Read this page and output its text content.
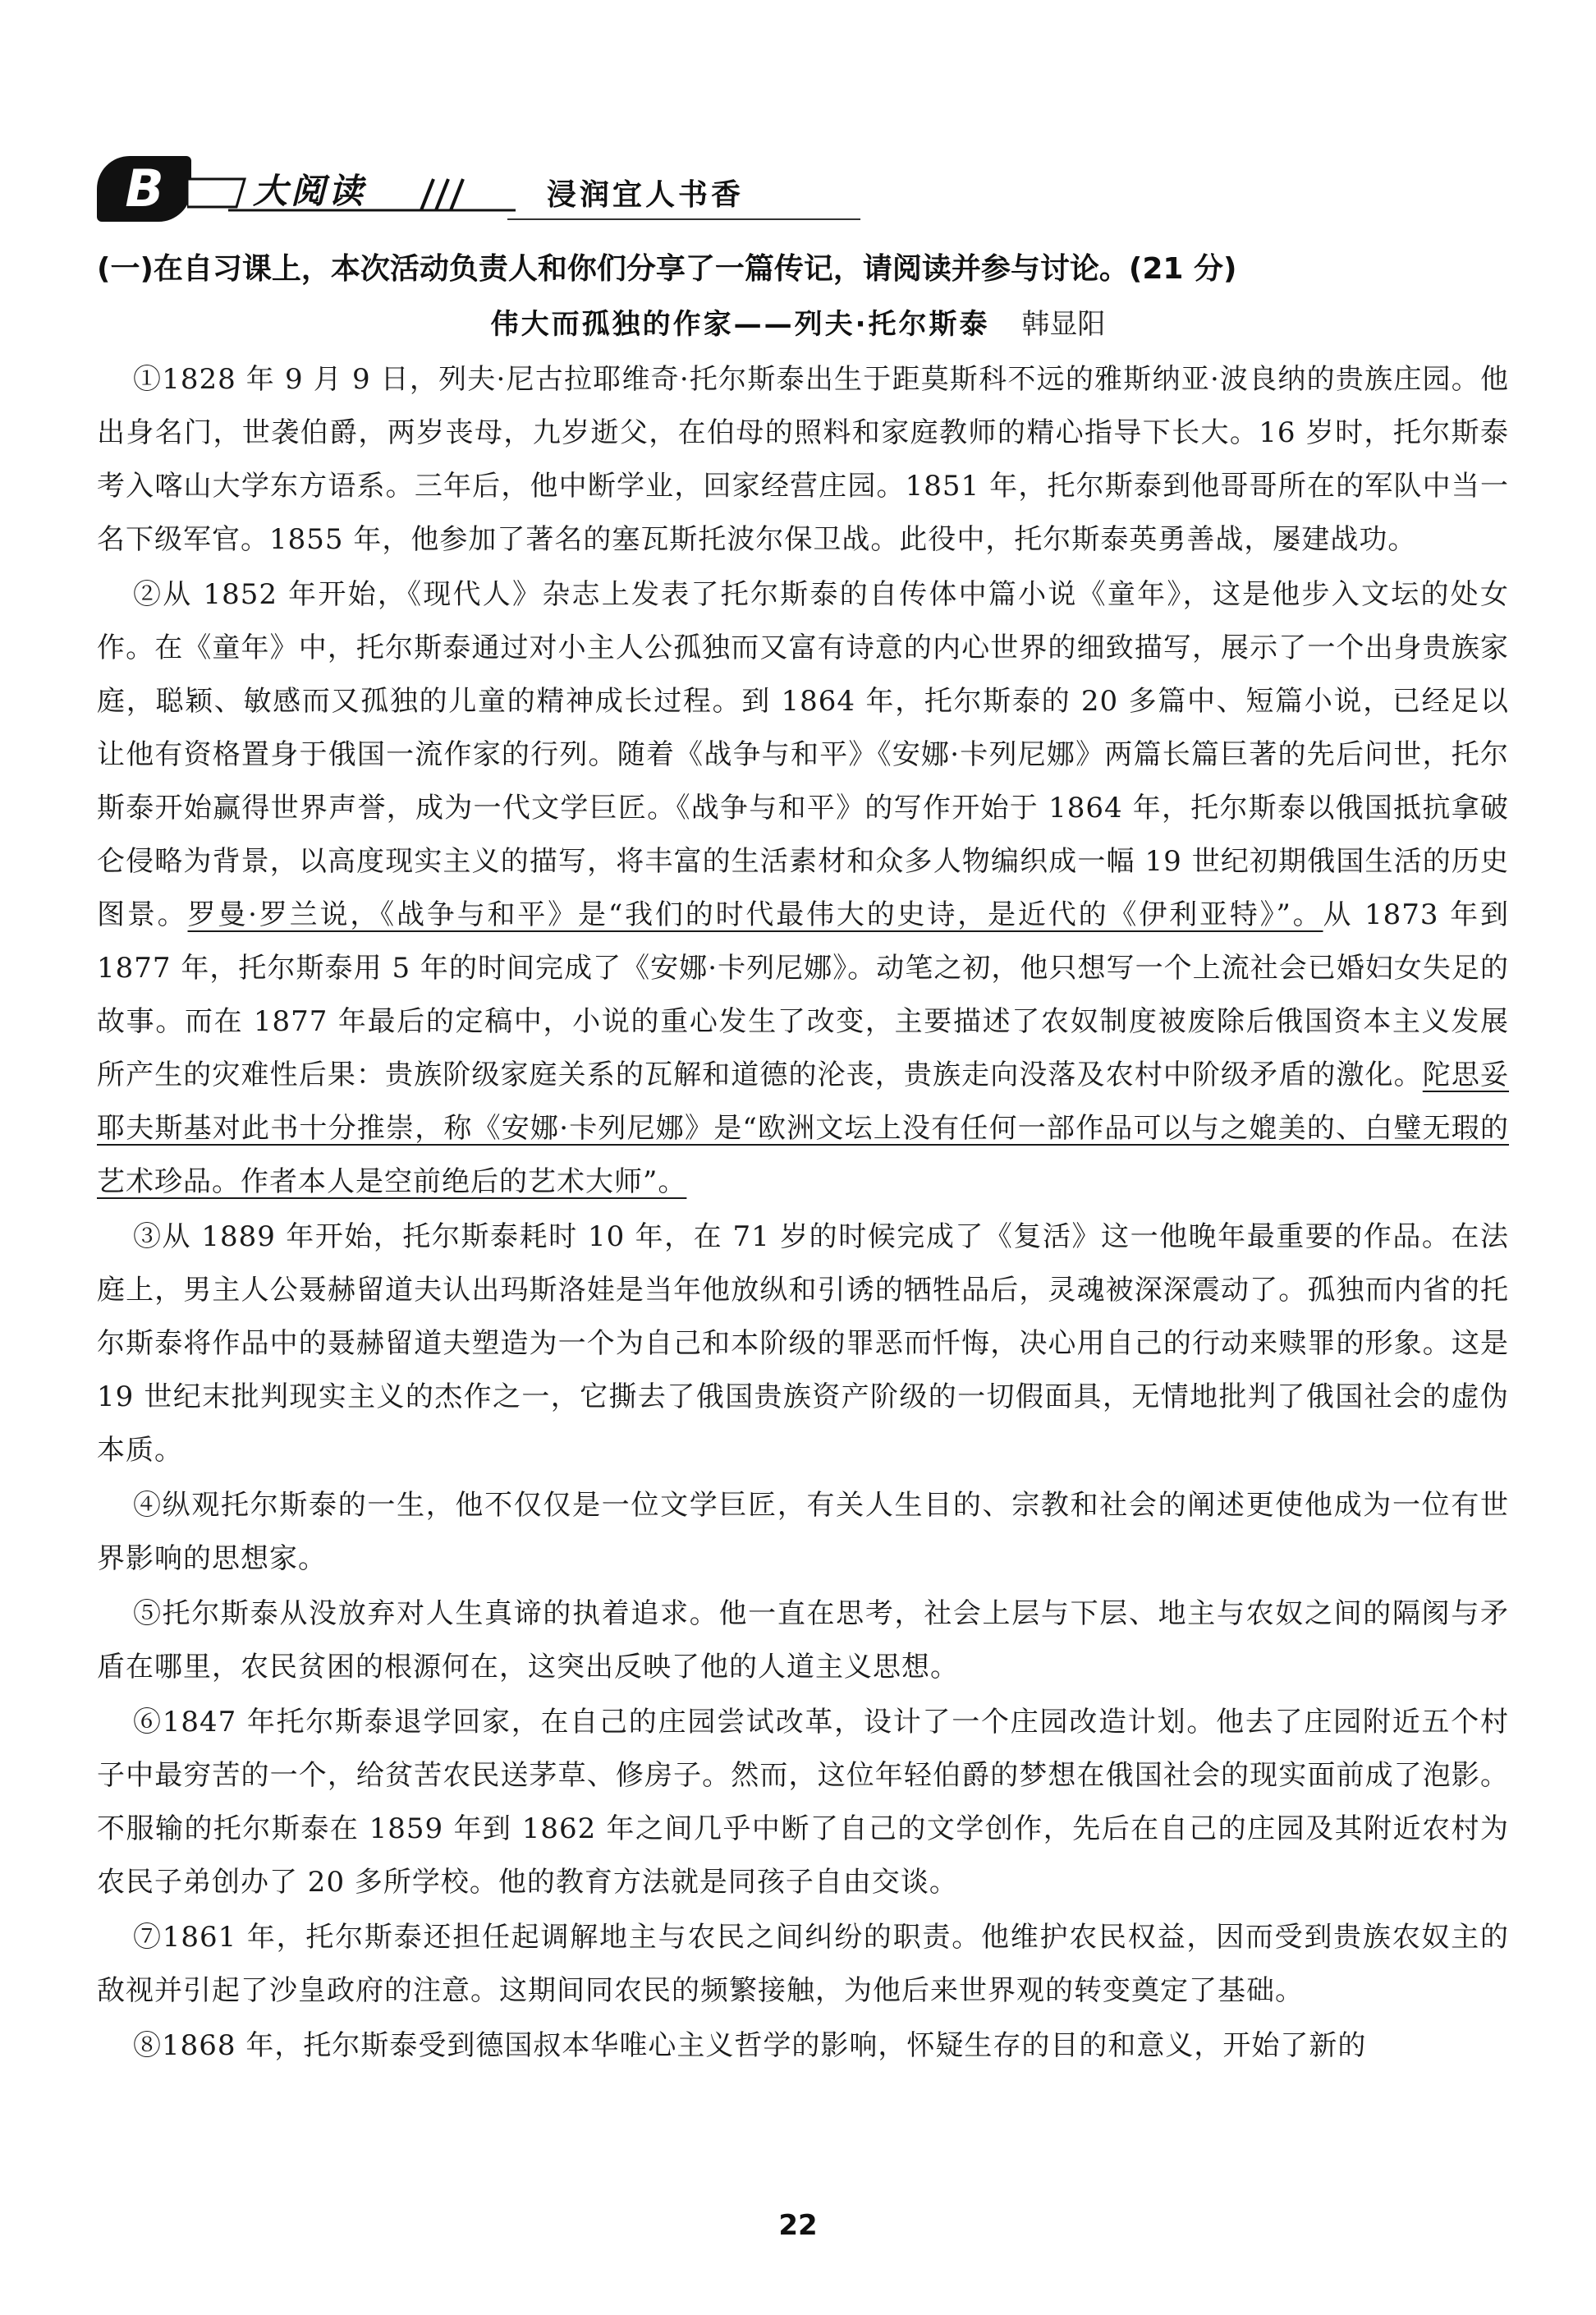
B	大阅读	浸润宜人书香
(一)在自习课上，本次活动负责人和你们分享了一篇传记，请阅读并参与讨论。(21 分)
伟大而孤独的作家——列夫·托尔斯泰 韩显阳

①1828 年 9 月 9 日，列夫·尼古拉耶维奇·托尔斯泰出生于距莫斯科不远的雅斯纳亚·波良纳的贵族庄园。他出身名门，世袭伯爵，两岁丧母，九岁逝父，在伯母的照料和家庭教师的精心指导下长大。16 岁时，托尔斯泰考入喀山大学东方语系。三年后，他中断学业，回家经营庄园。1851 年，托尔斯泰到他哥哥所在的军队中当一名下级军官。1855 年，他参加了著名的塞瓦斯托波尔保卫战。此役中，托尔斯泰英勇善战，屡建战功。

②从 1852 年开始，《现代人》杂志上发表了托尔斯泰的自传体中篇小说《童年》，这是他步入文坛的处女作。在《童年》中，托尔斯泰通过对小主人公孤独而又富有诗意的内心世界的细致描写，展示了一个出身贵族家庭，聪颖、敏感而又孤独的儿童的精神成长过程。到 1864 年，托尔斯泰的 20 多篇中、短篇小说，已经足以让他有资格置身于俄国一流作家的行列。随着《战争与和平》《安娜·卡列尼娜》两篇长篇巨著的先后问世，托尔斯泰开始赢得世界声誉，成为一代文学巨匠。《战争与和平》的写作开始于 1864 年，托尔斯泰以俄国抵抗拿破仑侵略为背景，以高度现实主义的描写，将丰富的生活素材和众多人物编织成一幅 19 世纪初期俄国生活的历史图景。罗曼·罗兰说，《战争与和平》是“我们的时代最伟大的史诗，是近代的《伊利亚特》”。从 1873 年到 1877 年，托尔斯泰用 5 年的时间完成了《安娜·卡列尼娜》。动笔之初，他只想写一个上流社会已婚妇女失足的故事。而在 1877 年最后的定稿中，小说的重心发生了改变，主要描述了农奴制度被废除后俄国资本主义发展所产生的灾难性后果：贵族阶级家庭关系的瓦解和道德的沦丧，贵族走向没落及农村中阶级矛盾的激化。陀思妥耶夫斯基对此书十分推崇，称《安娜·卡列尼娜》是“欧洲文坛上没有任何一部作品可以与之媲美的、白璧无瑕的艺术珍品。作者本人是空前绝后的艺术大师”。

③从 1889 年开始，托尔斯泰耗时 10 年，在 71 岁的时候完成了《复活》这一他晚年最重要的作品。在法庭上，男主人公聂赫留道夫认出玛斯洛娃是当年他放纵和引诱的牺牲品后，灵魂被深深震动了。孤独而内省的托尔斯泰将作品中的聂赫留道夫塑造为一个为自己和本阶级的罪恶而忏悔，决心用自己的行动来赎罪的形象。这是 19 世纪末批判现实主义的杰作之一，它撕去了俄国贵族资产阶级的一切假面具，无情地批判了俄国社会的虚伪本质。

④纵观托尔斯泰的一生，他不仅仅是一位文学巨匠，有关人生目的、宗教和社会的阐述更使他成为一位有世界影响的思想家。

⑤托尔斯泰从没放弃对人生真谛的执着追求。他一直在思考，社会上层与下层、地主与农奴之间的隔阂与矛盾在哪里，农民贫困的根源何在，这突出反映了他的人道主义思想。

⑥1847 年托尔斯泰退学回家，在自己的庄园尝试改革，设计了一个庄园改造计划。他去了庄园附近五个村子中最穷苦的一个，给贫苦农民送茅草、修房子。然而，这位年轻伯爵的梦想在俄国社会的现实面前成了泡影。不服输的托尔斯泰在 1859 年到 1862 年之间几乎中断了自己的文学创作，先后在自己的庄园及其附近农村为农民子弟创办了 20 多所学校。他的教育方法就是同孩子自由交谈。

⑦1861 年，托尔斯泰还担任起调解地主与农民之间纠纷的职责。他维护农民权益，因而受到贵族农奴主的敌视并引起了沙皇政府的注意。这期间同农民的频繁接触，为他后来世界观的转变奠定了基础。

⑧1868 年，托尔斯泰受到德国叔本华唯心主义哲学的影响，怀疑生存的目的和意义，开始了新的

22
